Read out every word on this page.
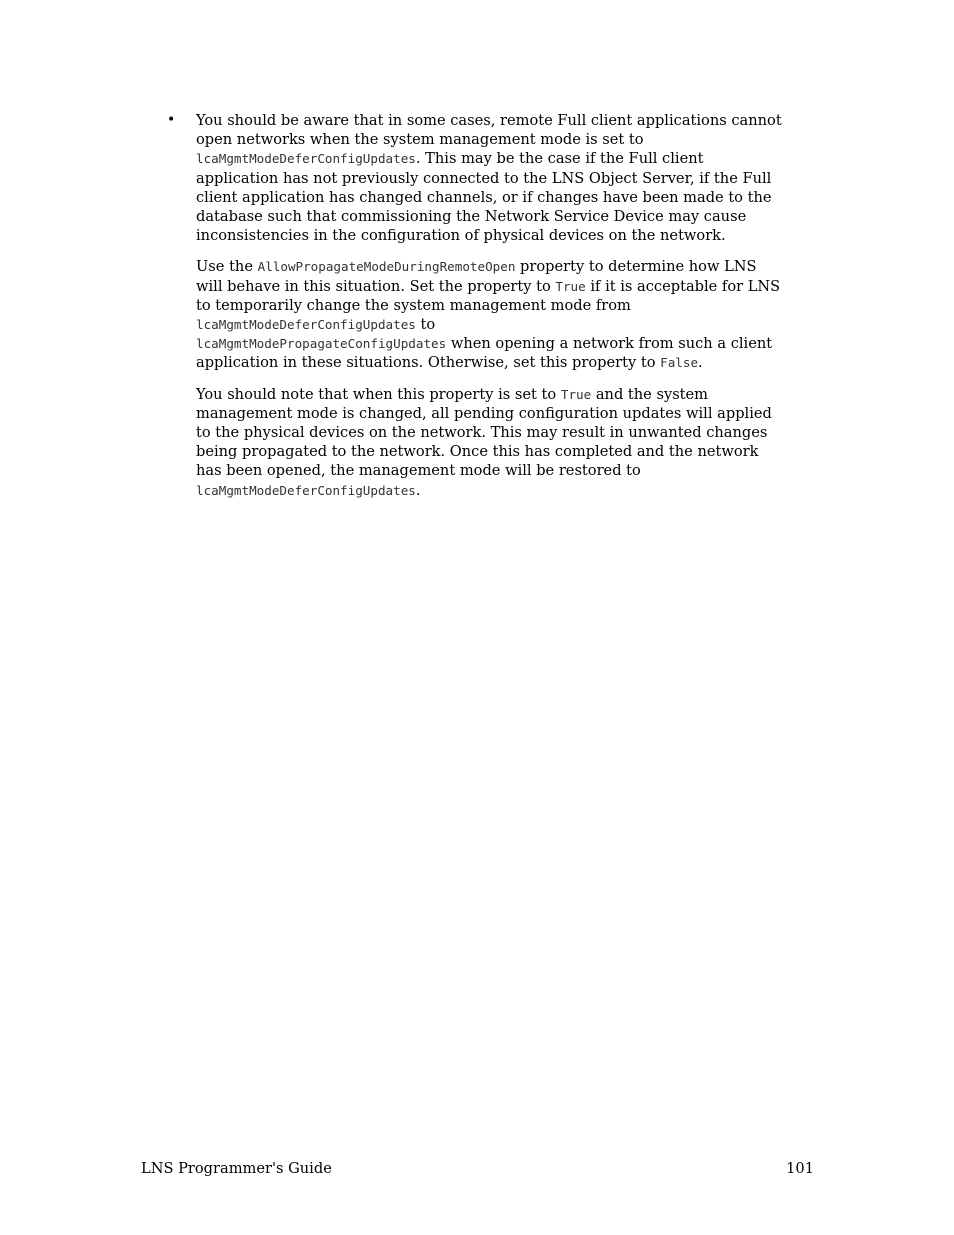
• You should be aware that in some cases, remote Full client applications cannot open networks when the system management mode is set to lcaMgmtModeDeferConfigUpdates. This may be the case if the Full client application has not previously connected to the LNS Object Server, if the Full client application has changed channels, or if changes have been made to the database such that commissioning the Network Service Device may cause inconsistencies in the configuration of physical devices on the network.

Use the AllowPropagateModeDuringRemoteOpen property to determine how LNS will behave in this situation. Set the property to True if it is acceptable for LNS to temporarily change the system management mode from
lcaMgmtModeDeferConfigUpdates to
lcaMgmtModePropagateConfigUpdates when opening a network from such a client application in these situations. Otherwise, set this property to False.

You should note that when this property is set to True and the system management mode is changed, all pending configuration updates will applied to the physical devices on the network. This may result in unwanted changes being propagated to the network. Once this has completed and the network has been opened, the management mode will be restored to
lcaMgmtModeDeferConfigUpdates.

LNS Programmer's Guide	101
